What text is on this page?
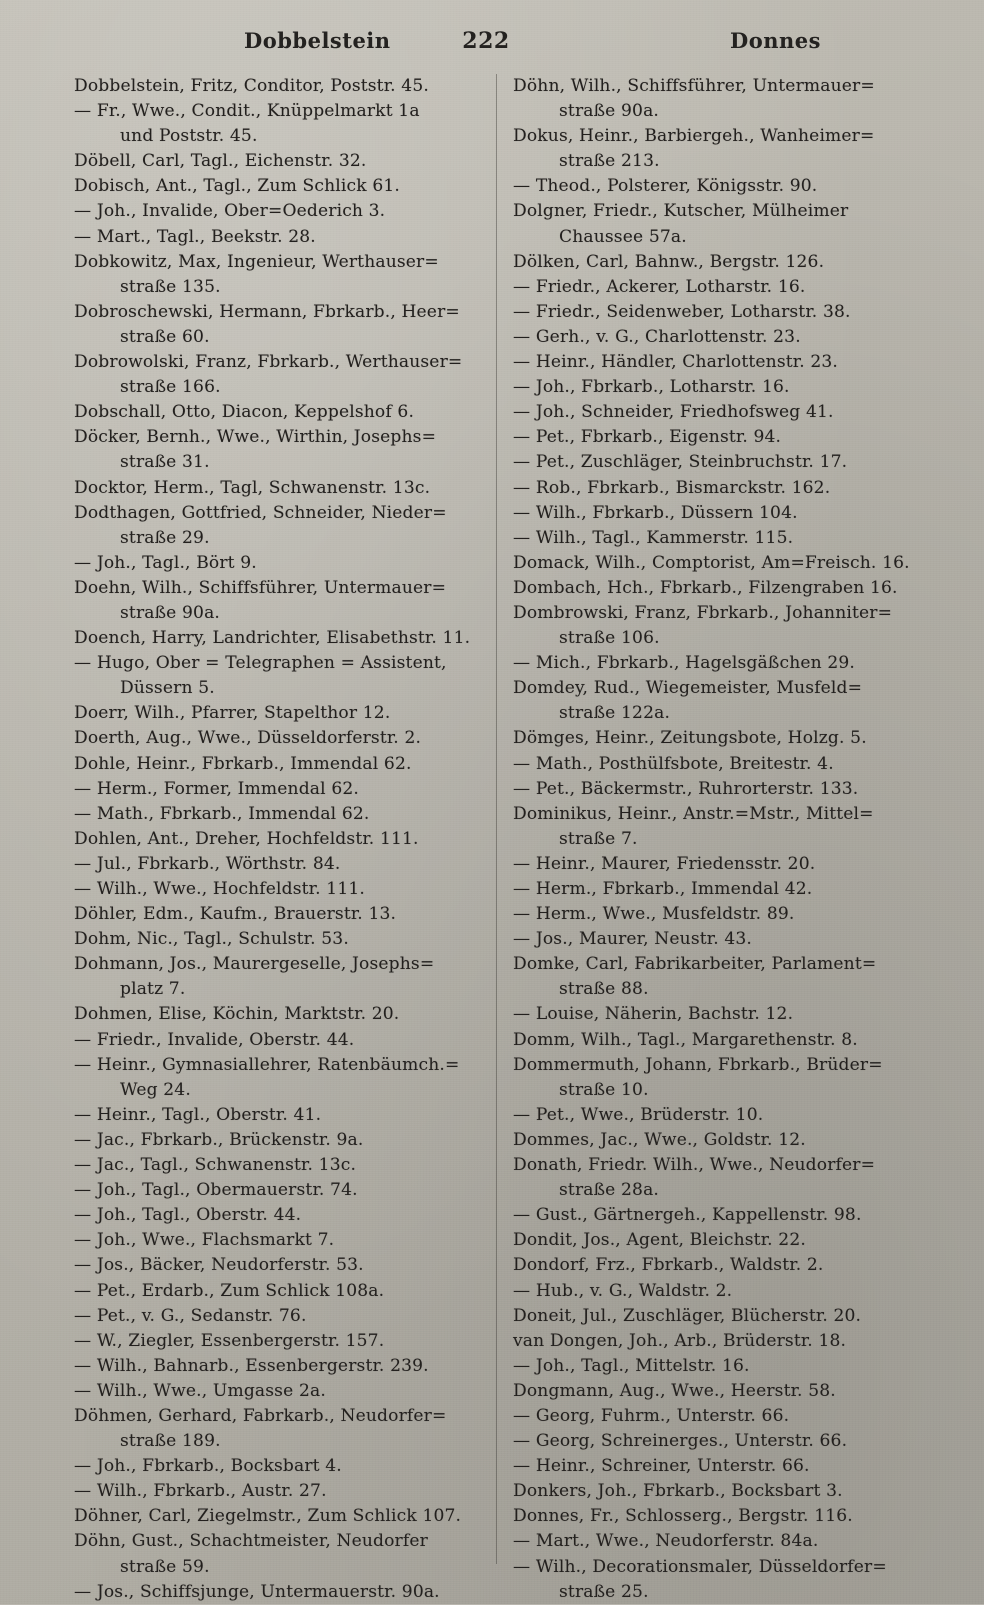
Dobbelstein	222	Donnes

Dobbelstein, Fritz, Conditor, Poststr. 45.

— Fr., Wwe., Condit., Knüppelmarkt 1a
und Poststr. 45.

Döbell, Carl, Tagl., Eichenstr. 32.

Dobisch, Ant., Tagl., Zum Schlick 61.

— Joh., Invalide, Ober=Oederich 3.

— Mart., Tagl., Beekstr. 28.

Dobkowitz, Max, Ingenieur, Werthauser=
straße 135.

Dobroschewski, Hermann, Fbrkarb., Heer=
straße 60.

Dobrowolski, Franz, Fbrkarb., Werthauser=
straße 166.

Dobschall, Otto, Diacon, Keppelshof 6.

Döcker, Bernh., Wwe., Wirthin, Josephs=
straße 31.

Docktor, Herm., Tagl, Schwanenstr. 13c.

Dodthagen, Gottfried, Schneider, Nieder=
straße 29.

— Joh., Tagl., Bört 9.

Doehn, Wilh., Schiffsführer, Untermauer=
straße 90a.

Doench, Harry, Landrichter, Elisabethstr. 11.

— Hugo, Ober = Telegraphen = Assistent,
Düssern 5.

Doerr, Wilh., Pfarrer, Stapelthor 12.

Doerth, Aug., Wwe., Düsseldorferstr. 2.

Dohle, Heinr., Fbrkarb., Immendal 62.

— Herm., Former, Immendal 62.

— Math., Fbrkarb., Immendal 62.

Dohlen, Ant., Dreher, Hochfeldstr. 111.

— Jul., Fbrkarb., Wörthstr. 84.

— Wilh., Wwe., Hochfeldstr. 111.

Döhler, Edm., Kaufm., Brauerstr. 13.

Dohm, Nic., Tagl., Schulstr. 53.

Dohmann, Jos., Maurergeselle, Josephs=
platz 7.

Dohmen, Elise, Köchin, Marktstr. 20.

— Friedr., Invalide, Oberstr. 44.

— Heinr., Gymnasiallehrer, Ratenbäumch.=
Weg 24.

— Heinr., Tagl., Oberstr. 41.

— Jac., Fbrkarb., Brückenstr. 9a.

— Jac., Tagl., Schwanenstr. 13c.

— Joh., Tagl., Obermauerstr. 74.

— Joh., Tagl., Oberstr. 44.

— Joh., Wwe., Flachsmarkt 7.

— Jos., Bäcker, Neudorferstr. 53.

— Pet., Erdarb., Zum Schlick 108a.

— Pet., v. G., Sedanstr. 76.

— W., Ziegler, Essenbergerstr. 157.

— Wilh., Bahnarb., Essenbergerstr. 239.

— Wilh., Wwe., Umgasse 2a.

Döhmen, Gerhard, Fabrkarb., Neudorfer=
straße 189.

— Joh., Fbrkarb., Bocksbart 4.

— Wilh., Fbrkarb., Austr. 27.

Döhner, Carl, Ziegelmstr., Zum Schlick 107.

Döhn, Gust., Schachtmeister, Neudorfer
straße 59.

— Jos., Schiffsjunge, Untermauerstr. 90a.

Döhn, Wilh., Schiffsführer, Untermauer=
straße 90a.

Dokus, Heinr., Barbiergeh., Wanheimer=
straße 213.

— Theod., Polsterer, Königsstr. 90.

Dolgner, Friedr., Kutscher, Mülheimer
Chaussee 57a.

Dölken, Carl, Bahnw., Bergstr. 126.

— Friedr., Ackerer, Lotharstr. 16.

— Friedr., Seidenweber, Lotharstr. 38.

— Gerh., v. G., Charlottenstr. 23.

— Heinr., Händler, Charlottenstr. 23.

— Joh., Fbrkarb., Lotharstr. 16.

— Joh., Schneider, Friedhofsweg 41.

— Pet., Fbrkarb., Eigenstr. 94.

— Pet., Zuschläger, Steinbruchstr. 17.

— Rob., Fbrkarb., Bismarckstr. 162.

— Wilh., Fbrkarb., Düssern 104.

— Wilh., Tagl., Kammerstr. 115.

Domack, Wilh., Comptorist, Am=Freisch. 16.

Dombach, Hch., Fbrkarb., Filzengraben 16.

Dombrowski, Franz, Fbrkarb., Johanniter=
straße 106.

— Mich., Fbrkarb., Hagelsgäßchen 29.

Domdey, Rud., Wiegemeister, Musfeld=
straße 122a.

Dömges, Heinr., Zeitungsbote, Holzg. 5.

— Math., Posthülfsbote, Breitestr. 4.

— Pet., Bäckermstr., Ruhrorterstr. 133.

Dominikus, Heinr., Anstr.=Mstr., Mittel=
straße 7.

— Heinr., Maurer, Friedensstr. 20.

— Herm., Fbrkarb., Immendal 42.

— Herm., Wwe., Musfeldstr. 89.

— Jos., Maurer, Neustr. 43.

Domke, Carl, Fabrikarbeiter, Parlament=
straße 88.

— Louise, Näherin, Bachstr. 12.

Domm, Wilh., Tagl., Margarethenstr. 8.

Dommermuth, Johann, Fbrkarb., Brüder=
straße 10.

— Pet., Wwe., Brüderstr. 10.

Dommes, Jac., Wwe., Goldstr. 12.

Donath, Friedr. Wilh., Wwe., Neudorfer=
straße 28a.

— Gust., Gärtnergeh., Kappellenstr. 98.

Dondit, Jos., Agent, Bleichstr. 22.

Dondorf, Frz., Fbrkarb., Waldstr. 2.

— Hub., v. G., Waldstr. 2.

Doneit, Jul., Zuschläger, Blücherstr. 20.

van Dongen, Joh., Arb., Brüderstr. 18.

— Joh., Tagl., Mittelstr. 16.

Dongmann, Aug., Wwe., Heerstr. 58.

— Georg, Fuhrm., Unterstr. 66.

— Georg, Schreinerges., Unterstr. 66.

— Heinr., Schreiner, Unterstr. 66.

Donkers, Joh., Fbrkarb., Bocksbart 3.

Donnes, Fr., Schlosserg., Bergstr. 116.

— Mart., Wwe., Neudorferstr. 84a.

— Wilh., Decorationsmaler, Düsseldorfer=
straße 25.
